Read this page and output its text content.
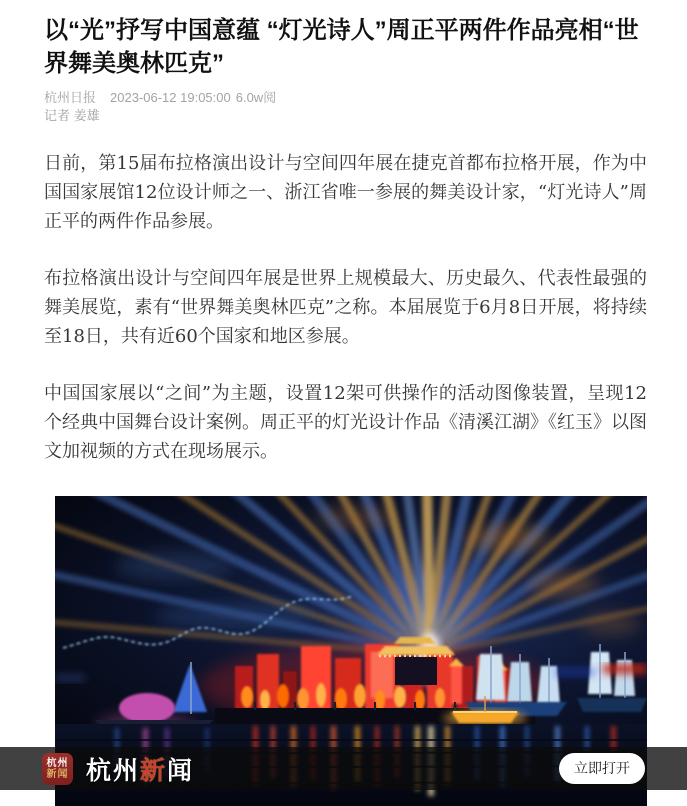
以“光”抒写中国意蕴 “灯光诗人”周正平两件作品亮相“世界舞美奥林匹克”
杭州日报 2023-06-12 19:05:00 6.0w阅
记者 姜雄

日前，第15届布拉格演出设计与空间四年展在捷克首都布拉格开展，作为中国国家展馆12位设计师之一、浙江省唯一参展的舞美设计家，“灯光诗人”周正平的两件作品参展。

布拉格演出设计与空间四年展是世界上规模最大、历史最久、代表性最强的舞美展览，素有“世界舞美奥林匹克”之称。本届展览于6月8日开展，将持续至18日，共有近60个国家和地区参展。

中国国家展以“之间”为主题，设置12架可供操作的活动图像装置，呈现12个经典中国舞台设计案例。周正平的灯光设计作品《清溪江湖》《红玉》以图文加视频的方式在现场展示。

杭州
新闻 杭州新闻	立即打开
